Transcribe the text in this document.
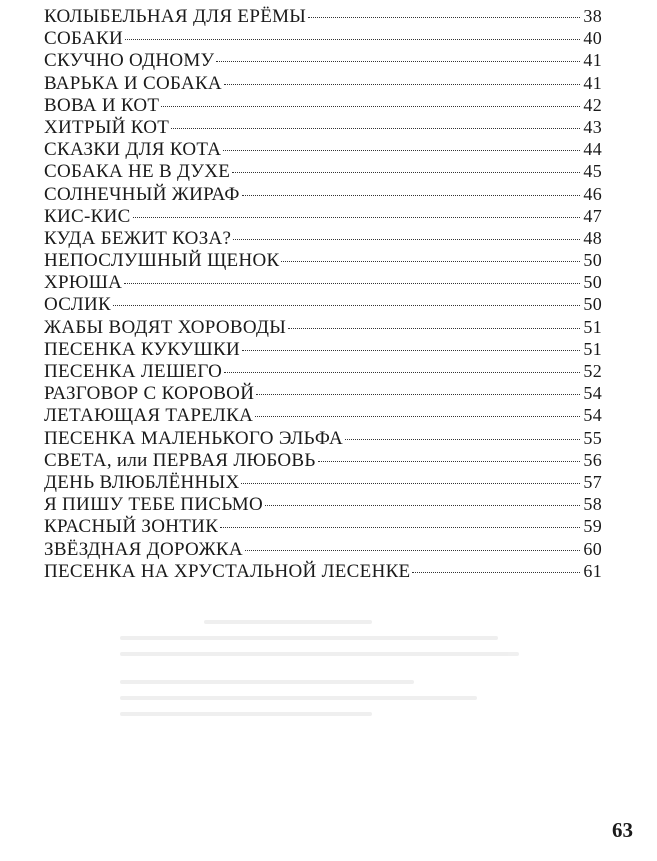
КОЛЫБЕЛЬНАЯ ДЛЯ ЕРЁМЫ	38
СОБАКИ	40
СКУЧНО ОДНОМУ	41
ВАРЬКА И СОБАКА	41
ВОВА И КОТ	42
ХИТРЫЙ КОТ	43
СКАЗКИ ДЛЯ КОТА	44
СОБАКА НЕ В ДУХЕ	45
СОЛНЕЧНЫЙ ЖИРАФ	46
КИС-КИС	47
КУДА БЕЖИТ КОЗА?	48
НЕПОСЛУШНЫЙ ЩЕНОК	50
ХРЮША	50
ОСЛИК	50
ЖАБЫ ВОДЯТ ХОРОВОДЫ	51
ПЕСЕНКА КУКУШКИ	51
ПЕСЕНКА ЛЕШЕГО	52
РАЗГОВОР С КОРОВОЙ	54
ЛЕТАЮЩАЯ ТАРЕЛКА	54
ПЕСЕНКА МАЛЕНЬКОГО ЭЛЬФА	55
СВЕТА, или ПЕРВАЯ ЛЮБОВЬ	56
ДЕНЬ ВЛЮБЛЁННЫХ	57
Я ПИШУ ТЕБЕ ПИСЬМО	58
КРАСНЫЙ ЗОНТИК	59
ЗВЁЗДНАЯ ДОРОЖКА	60
ПЕСЕНКА НА ХРУСТАЛЬНОЙ ЛЕСЕНКЕ	61
63
